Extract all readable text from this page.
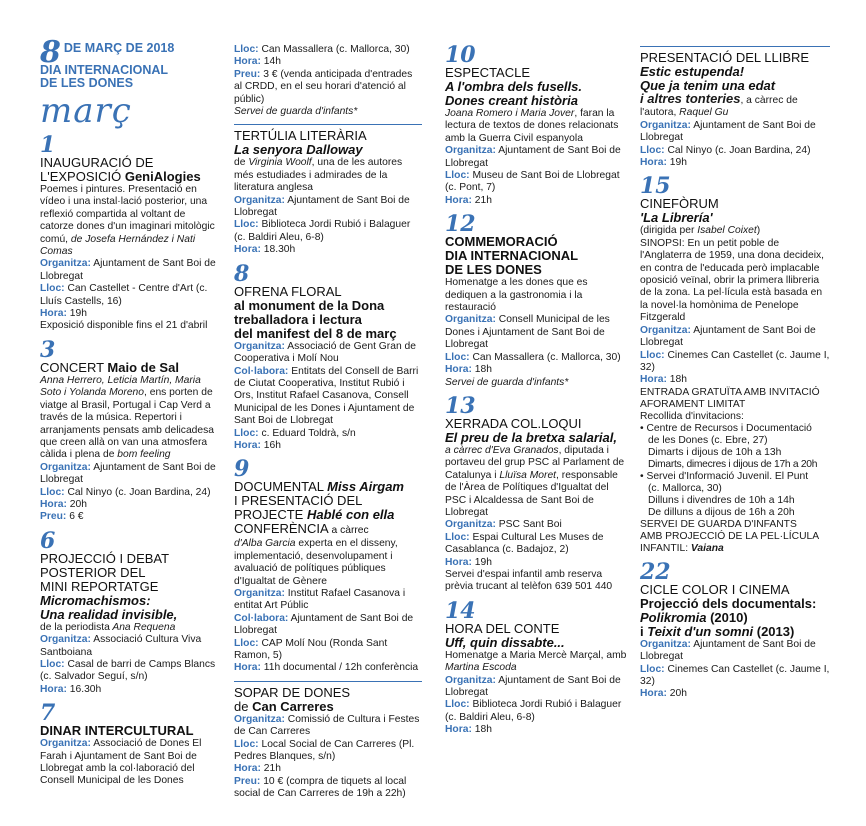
8 DE MARÇ DE 2018
DIA INTERNACIONAL
DE LES DONES
març
1

INAUGURACIÓ DE

L'EXPOSICIÓ GeniAlogies

Poemes i pintures. Presentació en vídeo i una instal·lació posterior, una reflexió compartida al voltant de catorze dones d'un imaginari mitològic comú, de Josefa Hernández i Nati Comas

Organitza: Ajuntament de Sant Boi de Llobregat

Lloc: Can Castellet - Centre d'Art (c. Lluís Castells, 16)

Hora: 19h

Exposició disponible fins el 21 d'abril

3

CONCERT Maio de Sal

Anna Herrero, Leticia Martín, Maria Soto i Yolanda Moreno, ens porten de viatge al Brasil, Portugal i Cap Verd a través de la música. Repertori i arranjaments pensats amb delicadesa que creen allà on van una atmosfera càlida i plena de bom feeling

Organitza: Ajuntament de Sant Boi de Llobregat

Lloc: Cal Ninyo (c. Joan Bardina, 24)

Hora: 20h

Preu: 6 €

6

PROJECCIÓ I DEBAT

POSTERIOR DEL

MINI REPORTATGE

Micromachismos:

Una realidad invisible,

de la periodista Ana Requena

Organitza: Associació Cultura Viva Santboiana

Lloc: Casal de barri de Camps Blancs (c. Salvador Seguí, s/n)

Hora: 16.30h

7

DINAR INTERCULTURAL

Organitza: Associació de Dones El Farah i Ajuntament de Sant Boi de Llobregat amb la col·laboració del Consell Municipal de les Dones

Lloc: Can Massallera (c. Mallorca, 30)

Hora: 14h

Preu: 3 € (venda anticipada d'entrades al CRDD, en el seu horari d'atenció al públic)

Servei de guarda d'infants*

TERTÚLIA LITERÀRIA

La senyora Dalloway

de Virginia Woolf, una de les autores més estudiades i admirades de la literatura anglesa

Organitza: Ajuntament de Sant Boi de Llobregat

Lloc: Biblioteca Jordi Rubió i Balaguer (c. Baldiri Aleu, 6-8)

Hora: 18.30h

8

OFRENA FLORAL

al monument de la Dona

treballadora i lectura

del manifest del 8 de març

Organitza: Associació de Gent Gran de Cooperativa i Molí Nou

Col·labora: Entitats del Consell de Barri de Ciutat Cooperativa, Institut Rubió i Ors, Institut Rafael Casanova, Consell Municipal de les Dones i Ajuntament de Sant Boi de Llobregat

Lloc: c. Eduard Toldrà, s/n

Hora: 16h

9

DOCUMENTAL Miss Airgam

I PRESENTACIÓ DEL

PROJECTE Hablé con ella

CONFERÈNCIA a càrrec

d'Alba Garcia experta en el disseny, implementació, desenvolupament i avaluació de polítiques públiques d'Igualtat de Gènere

Organitza: Institut Rafael Casanova i entitat Art Públic

Col·labora: Ajuntament de Sant Boi de Llobregat

Lloc: CAP Molí Nou (Ronda Sant Ramon, 5)

Hora: 11h documental / 12h conferència

SOPAR DE DONES

de Can Carreres

Organitza: Comissió de Cultura i Festes de Can Carreres

Lloc: Local Social de Can Carreres (Pl. Pedres Blanques, s/n)

Hora: 21h

Preu: 10 € (compra de tiquets al local social de Can Carreres de 19h a 22h)

10

ESPECTACLE

A l'ombra dels fusells.

Dones creant història

Joana Romero i Maria Jover, faran la lectura de textos de dones relacionats amb la Guerra Civil espanyola

Organitza: Ajuntament de Sant Boi de Llobregat

Lloc: Museu de Sant Boi de Llobregat (c. Pont, 7)

Hora: 21h

12

COMMEMORACIÓ

DIA INTERNACIONAL

DE LES DONES

Homenatge a les dones que es dediquen a la gastronomia i la restauració

Organitza: Consell Municipal de les Dones i Ajuntament de Sant Boi de Llobregat

Lloc: Can Massallera (c. Mallorca, 30)

Hora: 18h

Servei de guarda d'infants*

13

XERRADA COL.LOQUI

El preu de la bretxa salarial,

a càrrec d'Eva Granados, diputada i portaveu del grup PSC al Parlament de Catalunya i Lluïsa Moret, responsable de l'Àrea de Polítiques d'Igualtat del PSC i Alcaldessa de Sant Boi de Llobregat

Organitza: PSC Sant Boi

Lloc: Espai Cultural Les Muses de Casablanca (c. Badajoz, 2)

Hora: 19h

Servei d'espai infantil amb reserva prèvia trucant al telèfon 639 501 440

14

HORA DEL CONTE

Uff, quin dissabte...

Homenatge a Maria Mercè Marçal, amb Martina Escoda

Organitza: Ajuntament de Sant Boi de Llobregat

Lloc: Biblioteca Jordi Rubió i Balaguer (c. Baldiri Aleu, 6-8)

Hora: 18h

PRESENTACIÓ DEL LLIBRE

Estic estupenda!

Que ja tenim una edat

i altres tonteries, a càrrec de l'autora, Raquel Gu

Organitza: Ajuntament de Sant Boi de Llobregat

Lloc: Cal Ninyo (c. Joan Bardina, 24)

Hora: 19h

15

CINEFÒRUM

'La Librería'

(dirigida per Isabel Coixet)

SINOPSI: En un petit poble de l'Anglaterra de 1959, una dona decideix, en contra de l'educada però implacable oposició veïnal, obrir la primera llibreria de la zona. La pel·lícula està basada en la novel·la homònima de Penelope Fitzgerald

Organitza: Ajuntament de Sant Boi de Llobregat

Lloc: Cinemes Can Castellet (c. Jaume I, 32)

Hora: 18h

ENTRADA GRATUÏTA AMB INVITACIÓ

AFORAMENT LIMITAT

Recollida d'invitacions:

• Centre de Recursos i Documentació

de les Dones (c. Ebre, 27)

Dimarts i dijous de 10h a 13h

Dimarts, dimecres i dijous de 17h a 20h

• Servei d'Informació Juvenil. El Punt

(c. Mallorca, 30)

Dilluns i divendres de 10h a 14h

De dilluns a dijous de 16h a 20h

SERVEI DE GUARDA D'INFANTS

AMB PROJECCIÓ DE LA PEL·LÍCULA

INFANTIL: Vaiana

22

CICLE COLOR I CINEMA

Projecció dels documentals:

Polikromia (2010)

i Teixit d'un somni (2013)

Organitza: Ajuntament de Sant Boi de Llobregat

Lloc: Cinemes Can Castellet (c. Jaume I, 32)

Hora: 20h
